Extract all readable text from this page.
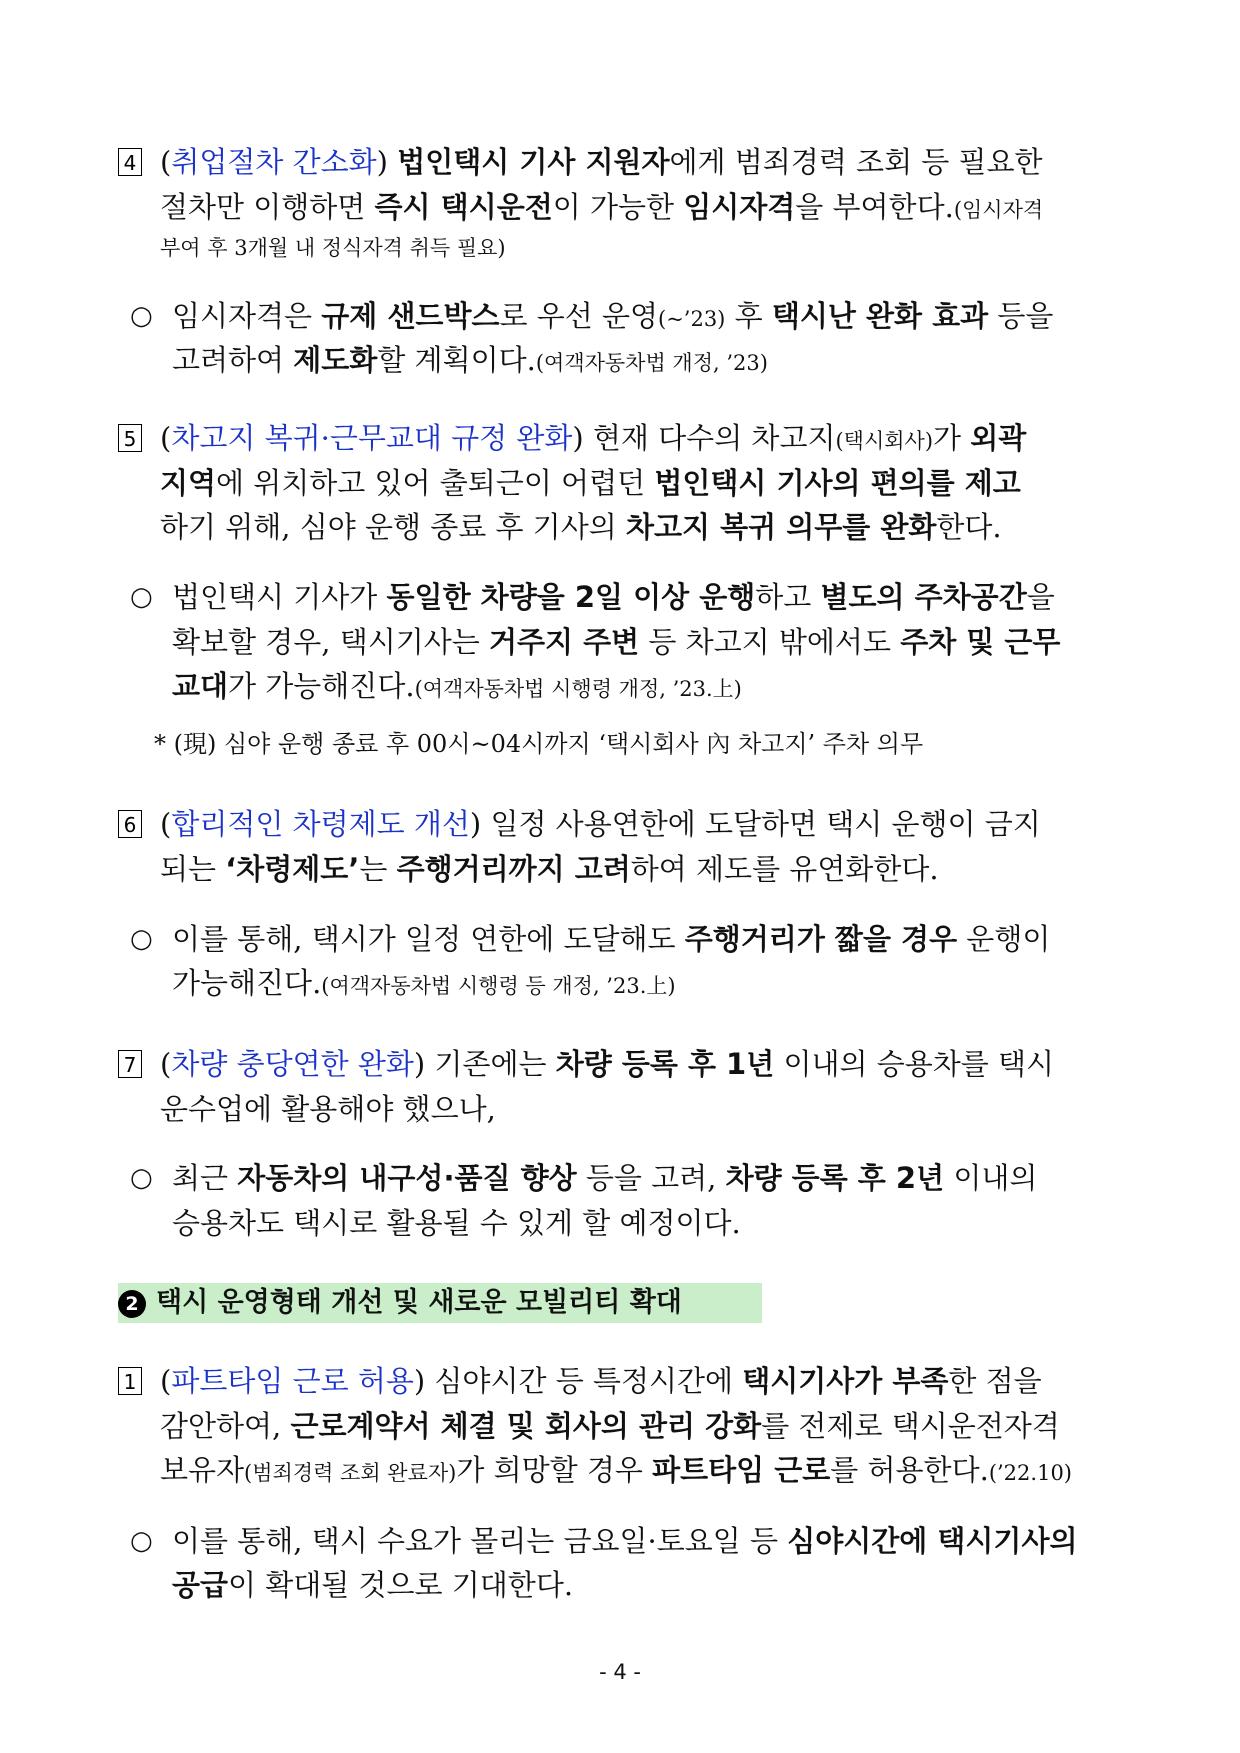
4 (취업절차 간소화) 법인택시 기사 지원자에게 범죄경력 조회 등 필요한
절차만 이행하면 즉시 택시운전이 가능한 임시자격을 부여한다.(임시자격
부여 후 3개월 내 정식자격 취득 필요)
○ 임시자격은 규제 샌드박스로 우선 운영(~’23) 후 택시난 완화 효과 등을
고려하여 제도화할 계획이다.(여객자동차법 개정, ’23)
5 (차고지 복귀·근무교대 규정 완화) 현재 다수의 차고지(택시회사)가 외곽
지역에 위치하고 있어 출퇴근이 어렵던 법인택시 기사의 편의를 제고
하기 위해, 심야 운행 종료 후 기사의 차고지 복귀 의무를 완화한다.
○ 법인택시 기사가 동일한 차량을 2일 이상 운행하고 별도의 주차공간을
확보할 경우, 택시기사는 거주지 주변 등 차고지 밖에서도 주차 및 근무
교대가 가능해진다.(여객자동차법 시행령 개정, ’23.上)
* (現) 심야 운행 종료 후 00시~04시까지 ‘택시회사 內 차고지’ 주차 의무
6 (합리적인 차령제도 개선) 일정 사용연한에 도달하면 택시 운행이 금지
되는 ‘차령제도’는 주행거리까지 고려하여 제도를 유연화한다.
○ 이를 통해, 택시가 일정 연한에 도달해도 주행거리가 짧을 경우 운행이
가능해진다.(여객자동차법 시행령 등 개정, ’23.上)
7 (차량 충당연한 완화) 기존에는 차량 등록 후 1년 이내의 승용차를 택시
운수업에 활용해야 했으나,
○ 최근 자동차의 내구성·품질 향상 등을 고려, 차량 등록 후 2년 이내의
승용차도 택시로 활용될 수 있게 할 예정이다.
2 택시 운영형태 개선 및 새로운 모빌리티 확대
1 (파트타임 근로 허용) 심야시간 등 특정시간에 택시기사가 부족한 점을
감안하여, 근로계약서 체결 및 회사의 관리 강화를 전제로 택시운전자격
보유자(범죄경력 조회 완료자)가 희망할 경우 파트타임 근로를 허용한다.(’22.10)
○ 이를 통해, 택시 수요가 몰리는 금요일·토요일 등 심야시간에 택시기사의
공급이 확대될 것으로 기대한다.
- 4 -
